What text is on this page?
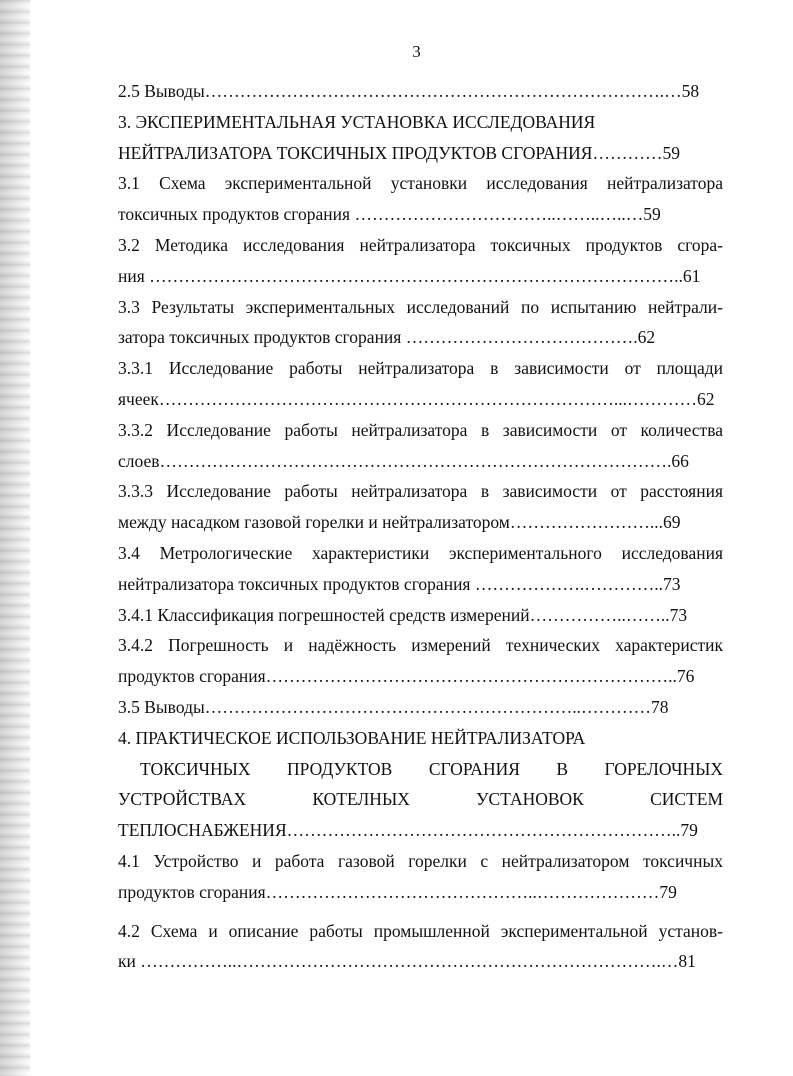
3
2.5 Выводы…………………………………………………………………….…58
3. ЭКСПЕРИМЕНТАЛЬНАЯ УСТАНОВКА ИССЛЕДОВАНИЯ
НЕЙТРАЛИЗАТОРА ТОКСИЧНЫХ ПРОДУКТОВ СГОРАНИЯ…………59
3.1 Схема экспериментальной установки исследования нейтрализатора
токсичных продуктов сгорания ……………………………..……..…..…59
3.2 Методика исследования нейтрализатора токсичных продуктов сгора-
ния ………………………………………………………………………………..61
3.3 Результаты экспериментальных исследований по испытанию нейтрали-
затора токсичных продуктов сгорания ………………………………….62
3.3.1 Исследование работы нейтрализатора в зависимости от площади
ячеек……………………………………………………………………...…………62
3.3.2 Исследование работы нейтрализатора в зависимости от количества
слоев…………………………………………………………………………….66
3.3.3 Исследование работы нейтрализатора в зависимости от расстояния
между насадком газовой горелки и нейтрализатором……………………...69
3.4 Метрологические характеристики экспериментального исследования
нейтрализатора токсичных продуктов сгорания ……………….…………..73
3.4.1 Классификация погрешностей средств измерений……………..……..73
3.4.2 Погрешность и надёжность измерений технических характеристик
продуктов сгорания……………………………………………………………..76
3.5 Выводы………………………………………………………..…………78
4. ПРАКТИЧЕСКОЕ ИСПОЛЬЗОВАНИЕ НЕЙТРАЛИЗАТОРА
ТОКСИЧНЫХ ПРОДУКТОВ СГОРАНИЯ В ГОРЕЛОЧНЫХ
УСТРОЙСТВАХ КОТЕЛНЫХ УСТАНОВОК СИСТЕМ
ТЕПЛОСНАБЖЕНИЯ…………………………………………………………..79
4.1 Устройство и работа газовой горелки с нейтрализатором токсичных
продуктов сгорания………………………………………..…………………79
4.2 Схема и описание работы промышленной экспериментальной установ-
ки ……………..……………………………………………………………….…81
